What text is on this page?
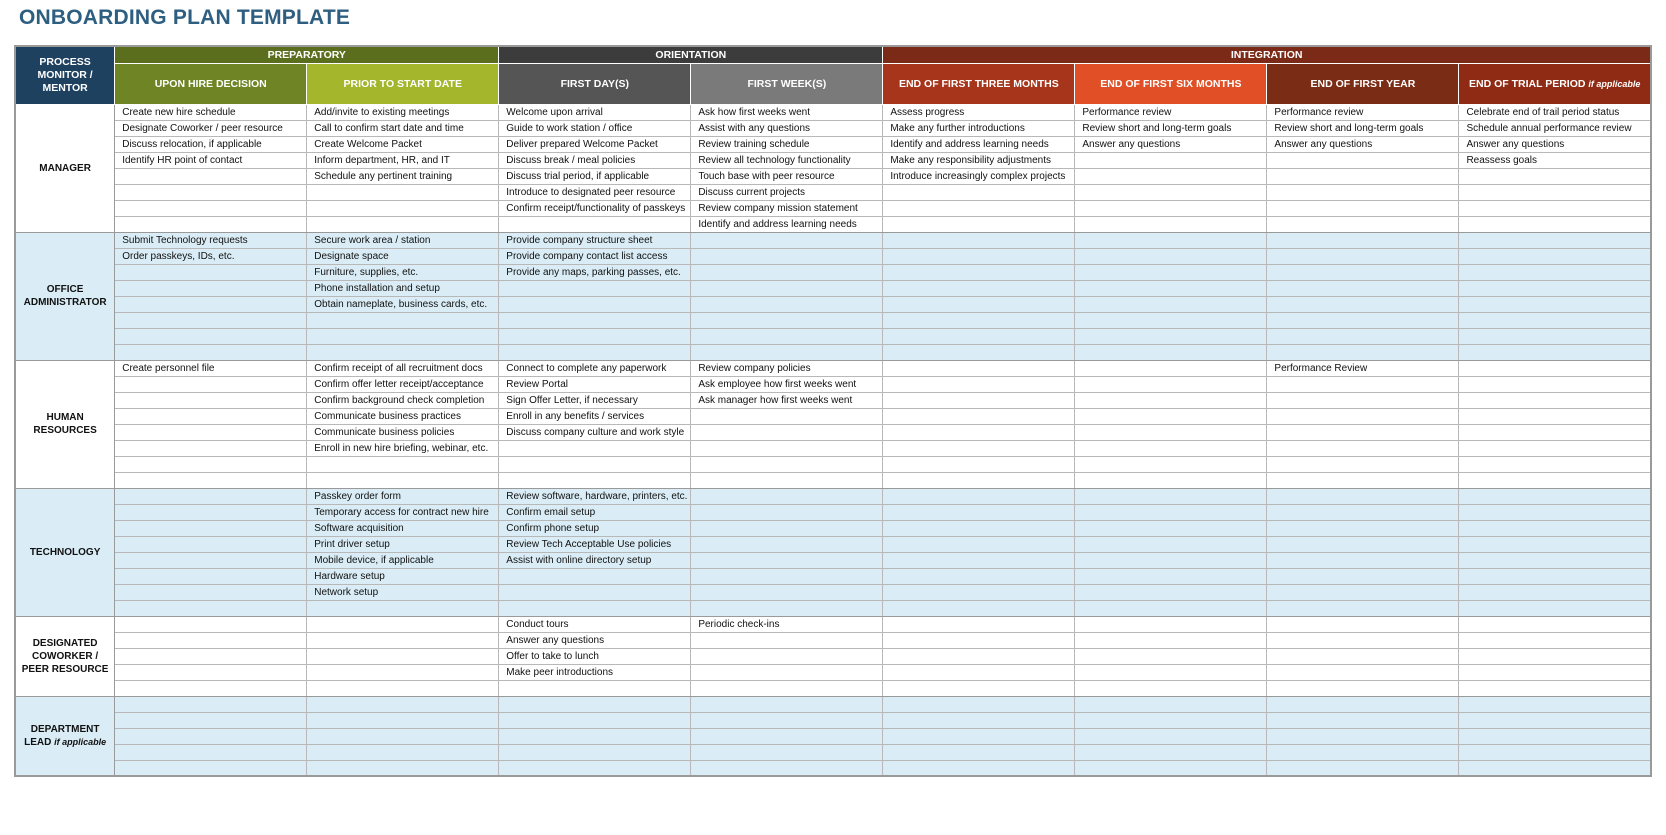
ONBOARDING PLAN TEMPLATE
PROCESS MONITOR / MENTOR	PREPARATORY		ORIENTATION		INTEGRATION			
	UPON HIRE DECISION	PRIOR TO START DATE	FIRST DAY(S)	FIRST WEEK(S)	END OF FIRST THREE MONTHS	END OF FIRST SIX MONTHS	END OF FIRST YEAR	END OF TRIAL PERIOD if applicable
MANAGER	Create new hire schedule	Add/invite to existing meetings	Welcome upon arrival	Ask how first weeks went	Assess progress	Performance review	Performance review	Celebrate end of trail period status
	Designate Coworker / peer resource	Call to confirm start date and time	Guide to work station / office	Assist with any questions	Make any further introductions	Review short and long-term goals	Review short and long-term goals	Schedule annual performance review
	Discuss relocation, if applicable	Create Welcome Packet	Deliver prepared Welcome Packet	Review training schedule	Identify and address learning needs	Answer any questions	Answer any questions	Answer any questions
	Identify HR point of contact	Inform department, HR, and IT	Discuss break / meal policies	Review all technology functionality	Make any responsibility adjustments			Reassess goals
		Schedule any pertinent training	Discuss trial period, if applicable	Touch base with peer resource	Introduce increasingly complex projects			
			Introduce to designated peer resource	Discuss current projects				
			Confirm receipt/functionality of passkeys	Review company mission statement				
				Identify and address learning needs				
OFFICE ADMINISTRATOR	Submit Technology requests	Secure work area / station	Provide company structure sheet					
	Order passkeys, IDs, etc.	Designate space	Provide company contact list access					
		Furniture, supplies, etc.	Provide any maps, parking passes, etc.					
		Phone installation and setup						
		Obtain nameplate, business cards, etc.						

HUMAN RESOURCES	Create personnel file	Confirm receipt of all recruitment docs	Connect to complete any paperwork	Review company policies			Performance Review	
		Confirm offer letter receipt/acceptance	Review Portal	Ask employee how first weeks went				
		Confirm background check completion	Sign Offer Letter, if necessary	Ask manager how first weeks went				
		Communicate business practices	Enroll in any benefits / services					
		Communicate business policies	Discuss company culture and work style					
		Enroll in new hire briefing, webinar, etc.						

TECHNOLOGY		Passkey order form	Review software, hardware, printers, etc.					
		Temporary access for contract new hire	Confirm email setup					
		Software acquisition	Confirm phone setup					
		Print driver setup	Review Tech Acceptable Use policies					
		Mobile device, if applicable	Assist with online directory setup					
		Hardware setup						
		Network setup						

DESIGNATED COWORKER / PEER RESOURCE			Conduct tours	Periodic check-ins				
			Answer any questions					
			Offer to take to lunch					
			Make peer introductions					

DEPARTMENT LEAD if applicable								
